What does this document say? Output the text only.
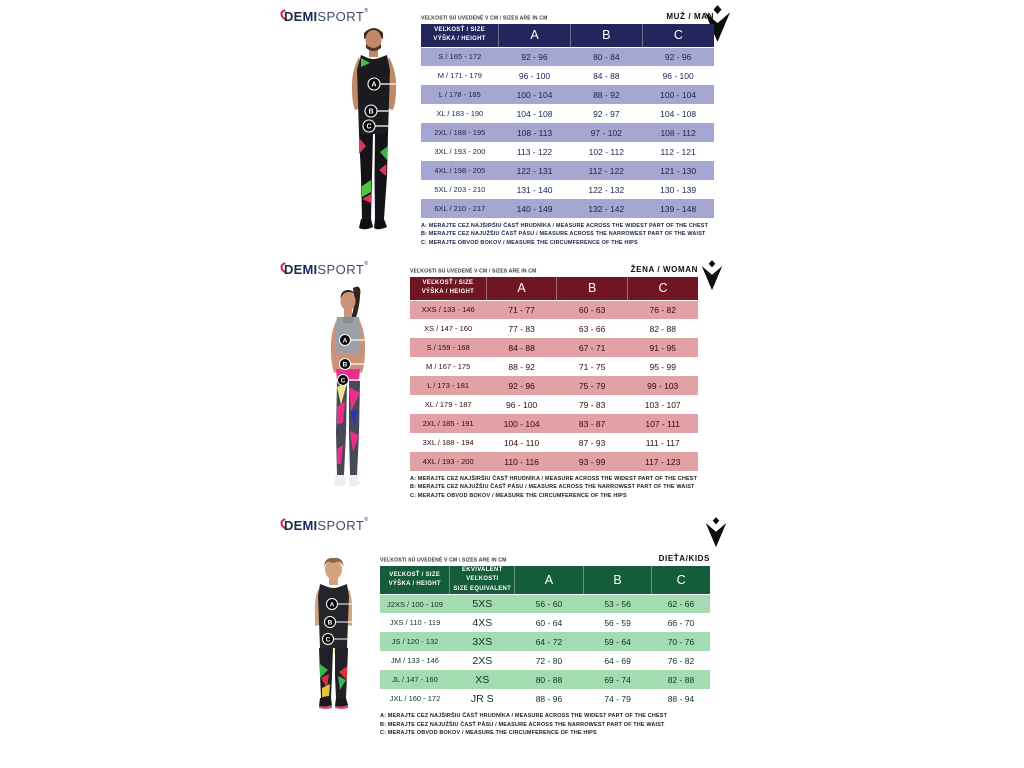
DEMISPORT®
A
B
C
VEĽKOSTI SÚ UVEDENÉ V CM / SIZES ARE IN CM	MUŽ / MAN
VEĽKOSŤ / SIZE
VÝŠKA / HEIGHT	A	B	C
S / 165 - 172	92 - 96	80 - 84	92 - 96
M / 171 - 179	96 - 100	84 - 88	96 - 100
L / 178 - 185	100 - 104	88 - 92	100 - 104
XL / 183 - 190	104 - 108	92 - 97	104 - 108
2XL / 188 - 195	108 - 113	97 - 102	108 - 112
3XL / 193 - 200	113 - 122	102 - 112	112 - 121
4XL / 198 - 205	122 - 131	112 - 122	121 - 130
5XL / 203 - 210	131 - 140	122 - 132	130 - 139
6XL / 210 - 217	140 - 149	132 - 142	139 - 148
A: MERAJTE CEZ NAJŠIRŠIU ČASŤ HRUDNÍKA / MEASURE ACROSS THE WIDEST PART OF THE CHEST
B: MERAJTE CEZ NAJUŽŠIU ČASŤ PÁSU / MEASURE ACROSS THE NARROWEST PART OF THE WAIST
C: MERAJTE OBVOD BOKOV / MEASURE THE CIRCUMFERENCE OF THE HIPS
DEMISPORT®
A
B
C
VEĽKOSTI SÚ UVEDENÉ V CM / SIZES ARE IN CM	ŽENA / WOMAN
VEĽKOSŤ / SIZE
VÝŠKA / HEIGHT	A	B	C
XXS / 133 - 146	71 - 77	60 - 63	76 - 82
XS / 147 - 160	77 - 83	63 - 66	82 - 88
S / 159 - 168	84 - 88	67 - 71	91 - 95
M / 167 - 175	88 - 92	71 - 75	95 - 99
L / 173 - 181	92 - 96	75 - 79	99 - 103
XL / 179 - 187	96 - 100	79 - 83	103 - 107
2XL / 185 - 191	100 - 104	83 - 87	107 - 111
3XL / 188 - 194	104 - 110	87 - 93	111 - 117
4XL / 193 - 200	110 - 116	93 - 99	117 - 123
A: MERAJTE CEZ NAJŠIRŠIU ČASŤ HRUDNÍKA / MEASURE ACROSS THE WIDEST PART OF THE CHEST
B: MERAJTE CEZ NAJUŽŠIU ČASŤ PÁSU / MEASURE ACROSS THE NARROWEST PART OF THE WAIST
C: MERAJTE OBVOD BOKOV / MEASURE THE CIRCUMFERENCE OF THE HIPS
DEMISPORT®
A
B
C
VEĽKOSTI SÚ UVEDENÉ V CM / SIZES ARE IN CM	DIEŤA/KIDS
VEĽKOSŤ / SIZE
VÝŠKA / HEIGHT

EKVIVALENT VEĽKOSTI
SIZE EQUIVALENT
	A	B	C
J2XS / 100 - 109	5XS	56 - 60	53 - 56	62 - 66
JXS / 110 - 119	4XS	60 - 64	56 - 59	66 - 70
JS / 120 - 132	3XS	64 - 72	59 - 64	70 - 76
JM / 133 - 146	2XS	72 - 80	64 - 69	76 - 82
JL / 147 - 160	XS	80 - 88	69 - 74	82 - 88
JXL / 160 - 172	JR S	88 - 96	74 - 79	88 - 94
A: MERAJTE CEZ NAJŠIRŠIU ČASŤ HRUDNÍKA / MEASURE ACROSS THE WIDEST PART OF THE CHEST
B: MERAJTE CEZ NAJUŽŠIU ČASŤ PÁSU / MEASURE ACROSS THE NARROWEST PART OF THE WAIST
C: MERAJTE OBVOD BOKOV / MEASURE THE CIRCUMFERENCE OF THE HIPS
